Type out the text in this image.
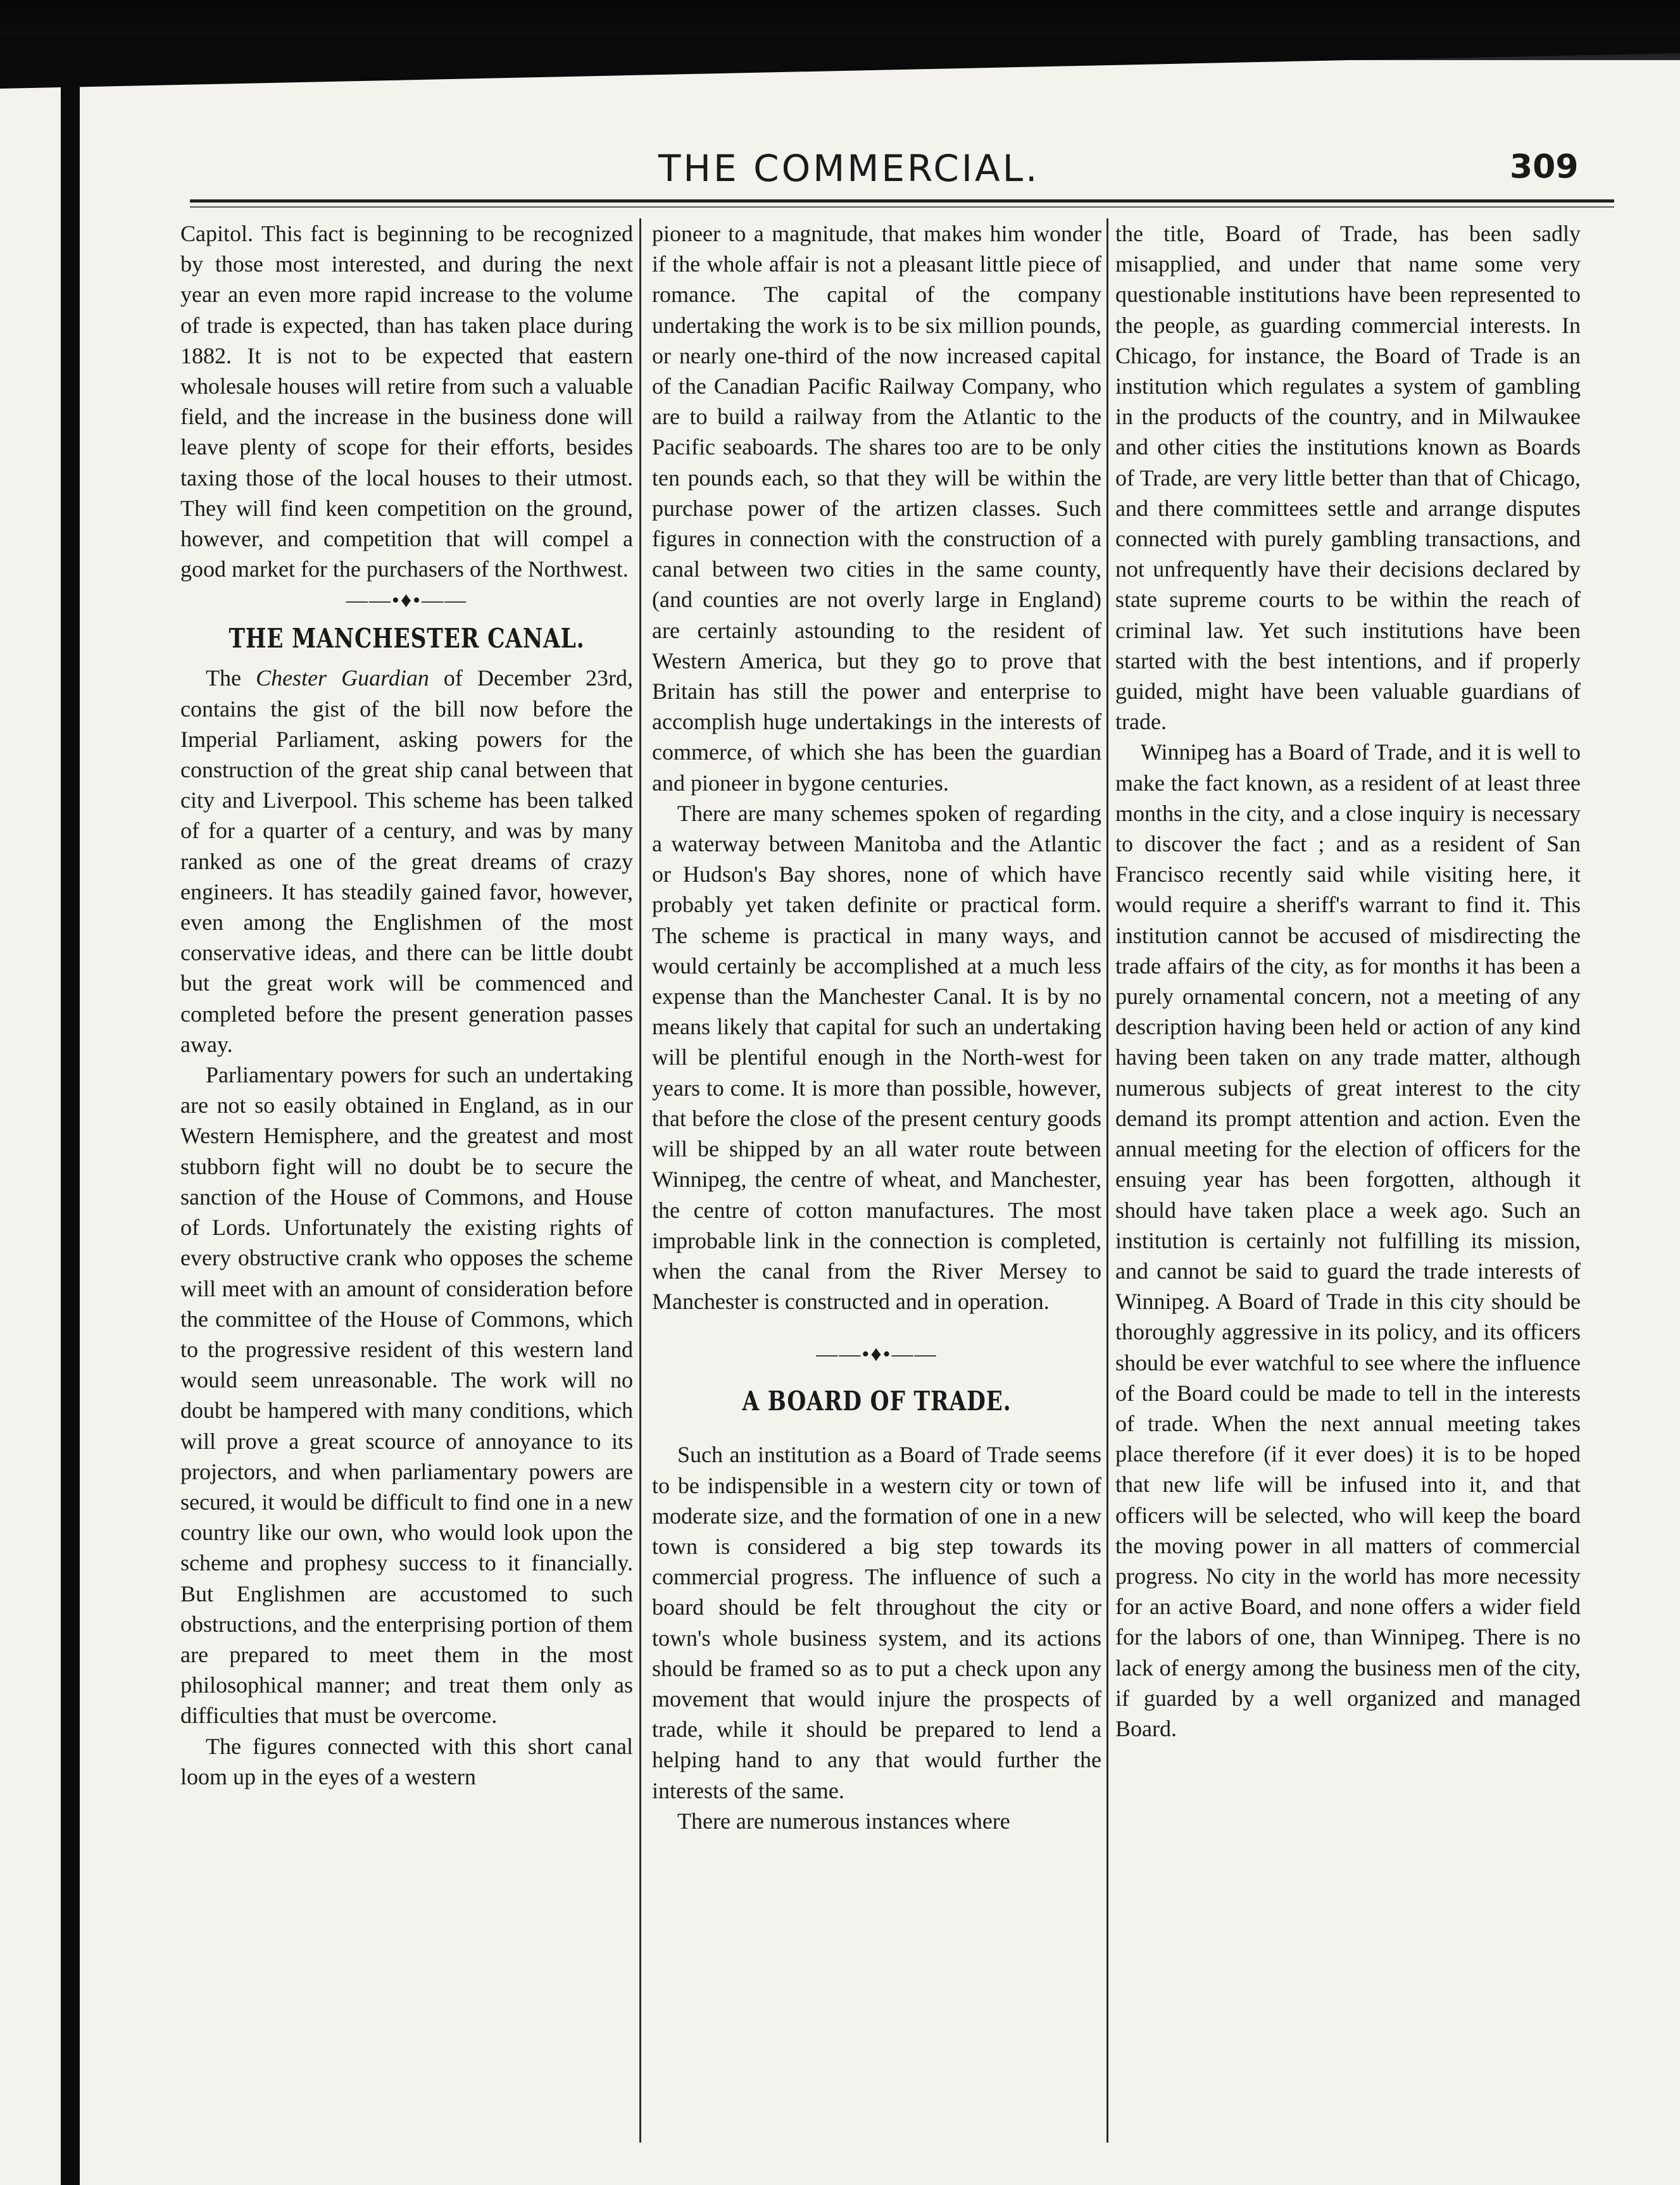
THE COMMERCIAL.	309

Capitol. This fact is beginning to be recognized by those most interested, and during the next year an even more rapid increase to the volume of trade is expected, than has taken place during 1882. It is not to be expected that eastern wholesale houses will retire from such a valuable field, and the increase in the business done will leave plenty of scope for their efforts, besides taxing those of the local houses to their utmost. They will find keen competition on the ground, however, and competition that will compel a good market for the purchasers of the Northwest.

——•♦•——
THE MANCHESTER CANAL.

The Chester Guardian of December 23rd, contains the gist of the bill now before the Imperial Parliament, asking powers for the construction of the great ship canal between that city and Liverpool. This scheme has been talked of for a quarter of a century, and was by many ranked as one of the great dreams of crazy engineers. It has steadily gained favor, however, even among the Englishmen of the most conservative ideas, and there can be little doubt but the great work will be commenced and completed before the present generation passes away.

Parliamentary powers for such an undertaking are not so easily obtained in England, as in our Western Hemisphere, and the greatest and most stubborn fight will no doubt be to secure the sanction of the House of Commons, and House of Lords. Unfortunately the existing rights of every obstructive crank who opposes the scheme will meet with an amount of consideration before the committee of the House of Commons, which to the progressive resident of this western land would seem unreasonable. The work will no doubt be hampered with many conditions, which will prove a great scource of annoyance to its projectors, and when parliamentary powers are secured, it would be difficult to find one in a new country like our own, who would look upon the scheme and prophesy success to it financially. But Englishmen are accustomed to such obstructions, and the enterprising portion of them are prepared to meet them in the most philosophical manner; and treat them only as difficulties that must be overcome.

The figures connected with this short canal loom up in the eyes of a western

pioneer to a magnitude, that makes him wonder if the whole affair is not a pleasant little piece of romance. The capital of the company undertaking the work is to be six million pounds, or nearly one-third of the now increased capital of the Canadian Pacific Railway Company, who are to build a railway from the Atlantic to the Pacific seaboards. The shares too are to be only ten pounds each, so that they will be within the purchase power of the artizen classes. Such figures in connection with the construction of a canal between two cities in the same county, (and counties are not overly large in England) are certainly astounding to the resident of Western America, but they go to prove that Britain has still the power and enterprise to accomplish huge undertakings in the interests of commerce, of which she has been the guardian and pioneer in bygone centuries.

There are many schemes spoken of regarding a waterway between Manitoba and the Atlantic or Hudson's Bay shores, none of which have probably yet taken definite or practical form. The scheme is practical in many ways, and would certainly be accomplished at a much less expense than the Manchester Canal. It is by no means likely that capital for such an undertaking will be plentiful enough in the North-west for years to come. It is more than possible, however, that before the close of the present century goods will be shipped by an all water route between Winnipeg, the centre of wheat, and Manchester, the centre of cotton manufactures. The most improbable link in the connection is completed, when the canal from the River Mersey to Manchester is constructed and in operation.

——•♦•——
A BOARD OF TRADE.

Such an institution as a Board of Trade seems to be indispensible in a western city or town of moderate size, and the formation of one in a new town is considered a big step towards its commercial progress. The influence of such a board should be felt throughout the city or town's whole business system, and its actions should be framed so as to put a check upon any movement that would injure the prospects of trade, while it should be prepared to lend a helping hand to any that would further the interests of the same.

There are numerous instances where

the title, Board of Trade, has been sadly misapplied, and under that name some very questionable institutions have been represented to the people, as guarding commercial interests. In Chicago, for instance, the Board of Trade is an institution which regulates a system of gambling in the products of the country, and in Milwaukee and other cities the institutions known as Boards of Trade, are very little better than that of Chicago, and there committees settle and arrange disputes connected with purely gambling transactions, and not unfrequently have their decisions declared by state supreme courts to be within the reach of criminal law. Yet such institutions have been started with the best intentions, and if properly guided, might have been valuable guardians of trade.

Winnipeg has a Board of Trade, and it is well to make the fact known, as a resident of at least three months in the city, and a close inquiry is necessary to discover the fact ; and as a resident of San Francisco recently said while visiting here, it would require a sheriff's warrant to find it. This institution cannot be accused of misdirecting the trade affairs of the city, as for months it has been a purely ornamental concern, not a meeting of any description having been held or action of any kind having been taken on any trade matter, although numerous subjects of great interest to the city demand its prompt attention and action. Even the annual meeting for the election of officers for the ensuing year has been forgotten, although it should have taken place a week ago. Such an institution is certainly not fulfilling its mission, and cannot be said to guard the trade interests of Winnipeg. A Board of Trade in this city should be thoroughly aggressive in its policy, and its officers should be ever watchful to see where the influence of the Board could be made to tell in the interests of trade. When the next annual meeting takes place therefore (if it ever does) it is to be hoped that new life will be infused into it, and that officers will be selected, who will keep the board the moving power in all matters of commercial progress. No city in the world has more necessity for an active Board, and none offers a wider field for the labors of one, than Winnipeg. There is no lack of energy among the business men of the city, if guarded by a well organized and managed Board.
